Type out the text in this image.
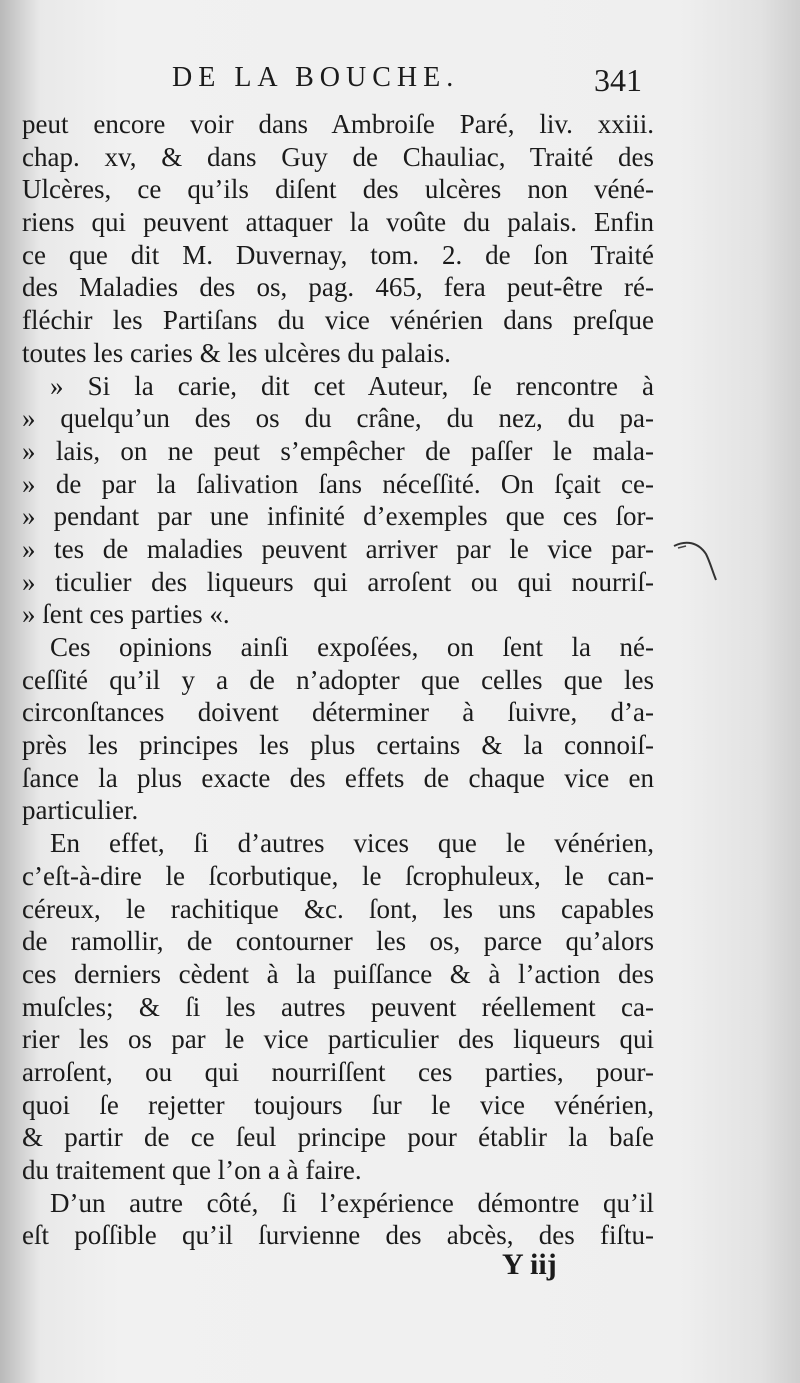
DE LA BOUCHE.	341
peut encore voir dans Ambroiſe Paré, liv. xxiii.
chap. xv, & dans Guy de Chauliac, Traité des
Ulcères, ce qu’ils diſent des ulcères non véné-
riens qui peuvent attaquer la voûte du palais. Enfin
ce que dit M. Duvernay, tom. 2. de ſon Traité
des Maladies des os, pag. 465, fera peut-être ré-
fléchir les Partiſans du vice vénérien dans preſque
toutes les caries & les ulcères du palais.
» Si la carie, dit cet Auteur, ſe rencontre à
» quelqu’un des os du crâne, du nez, du pa-
» lais, on ne peut s’empêcher de paſſer le mala-
» de par la ſalivation ſans néceſſité. On ſçait ce-
» pendant par une infinité d’exemples que ces ſor-
» tes de maladies peuvent arriver par le vice par-
» ticulier des liqueurs qui arroſent ou qui nourriſ-
» ſent ces parties «.
Ces opinions ainſi expoſées, on ſent la né-
ceſſité qu’il y a de n’adopter que celles que les
circonſtances doivent déterminer à ſuivre, d’a-
près les principes les plus certains & la connoiſ-
ſance la plus exacte des effets de chaque vice en
particulier.
En effet, ſi d’autres vices que le vénérien,
c’eſt-à-dire le ſcorbutique, le ſcrophuleux, le can-
céreux, le rachitique &c. ſont, les uns capables
de ramollir, de contourner les os, parce qu’alors
ces derniers cèdent à la puiſſance & à l’action des
muſcles; & ſi les autres peuvent réellement ca-
rier les os par le vice particulier des liqueurs qui
arroſent, ou qui nourriſſent ces parties, pour-
quoi ſe rejetter toujours ſur le vice vénérien,
& partir de ce ſeul principe pour établir la baſe
du traitement que l’on a à faire.
D’un autre côté, ſi l’expérience démontre qu’il
eſt poſſible qu’il ſurvienne des abcès, des fiſtu-
Y iij
